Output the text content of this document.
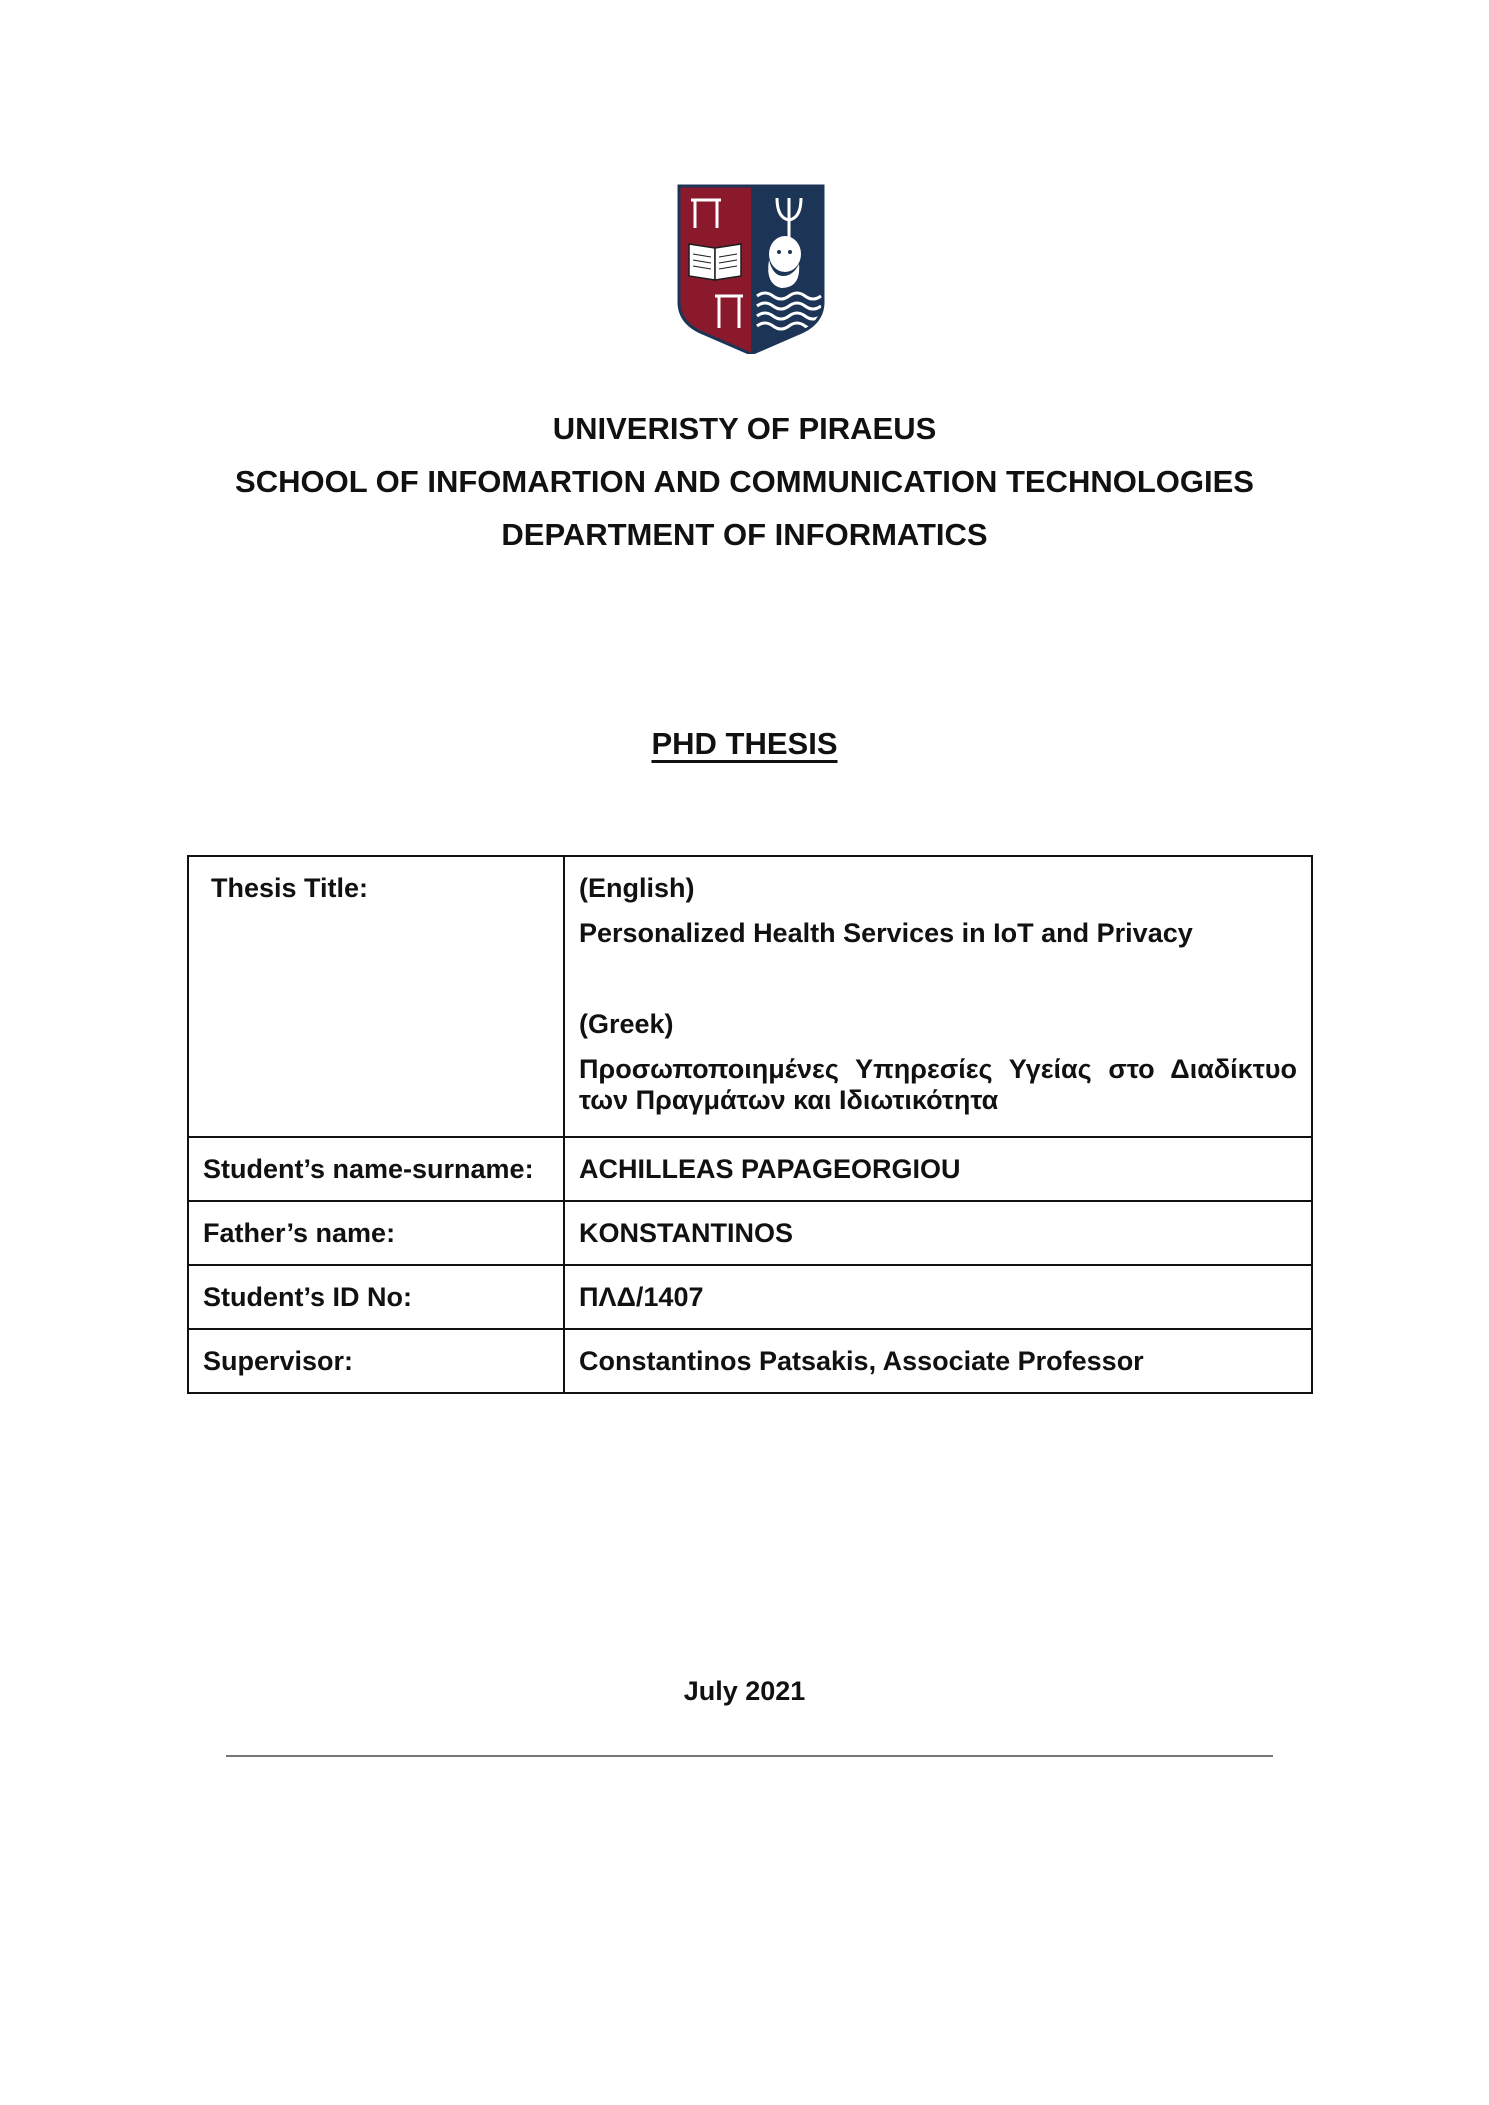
UNIVERISTY OF PIRAEUS
SCHOOL OF INFOMARTION AND COMMUNICATION TECHNOLOGIES
DEPARTMENT OF INFORMATICS
PHD THESIS
Thesis Title:	(English)
Personalized Health Services in IoT and Privacy
(Greek)
Προσωποποιημένες Υπηρεσίες Υγείας στο Διαδίκτυο των Πραγμάτων και Ιδιωτικότητα

Student’s name-surname:	ACHILLEAS PAPAGEORGIOU
Father’s name:	KONSTANTINOS
Student’s ID No:	ΠΛΔ/1407
Supervisor:	Constantinos Patsakis, Associate Professor
July 2021
